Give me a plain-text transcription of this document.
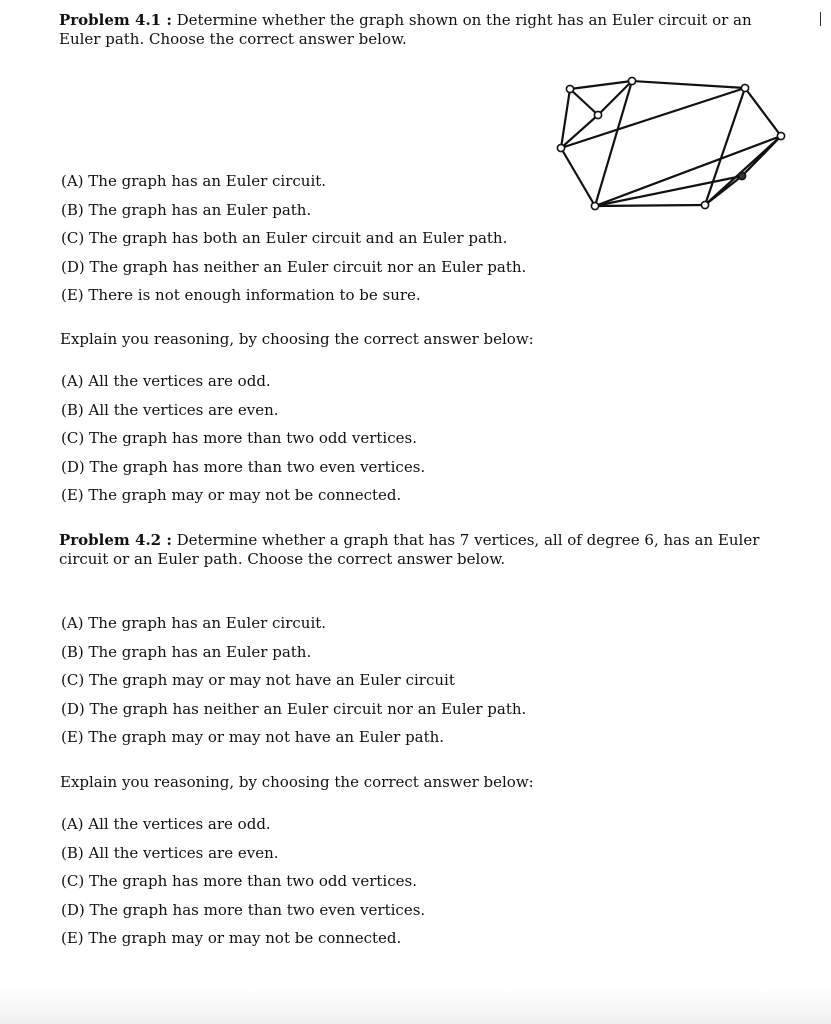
Problem 4.1 : Determine whether the graph shown on the right has an Euler circuit or an Euler path. Choose the correct answer below.
(A) The graph has an Euler circuit.
(B) The graph has an Euler path.
(C) The graph has both an Euler circuit and an Euler path.
(D) The graph has neither an Euler circuit nor an Euler path.
(E) There is not enough information to be sure.
Explain you reasoning, by choosing the correct answer below:
(A) All the vertices are odd.
(B) All the vertices are even.
(C) The graph has more than two odd vertices.
(D) The graph has more than two even vertices.
(E) The graph may or may not be connected.
Problem 4.2 : Determine whether a graph that has 7 vertices, all of degree 6, has an Euler circuit or an Euler path. Choose the correct answer below.
(A) The graph has an Euler circuit.
(B) The graph has an Euler path.
(C) The graph may or may not have an Euler circuit
(D) The graph has neither an Euler circuit nor an Euler path.
(E) The graph may or may not have an Euler path.
Explain you reasoning, by choosing the correct answer below:
(A) All the vertices are odd.
(B) All the vertices are even.
(C) The graph has more than two odd vertices.
(D) The graph has more than two even vertices.
(E) The graph may or may not be connected.
